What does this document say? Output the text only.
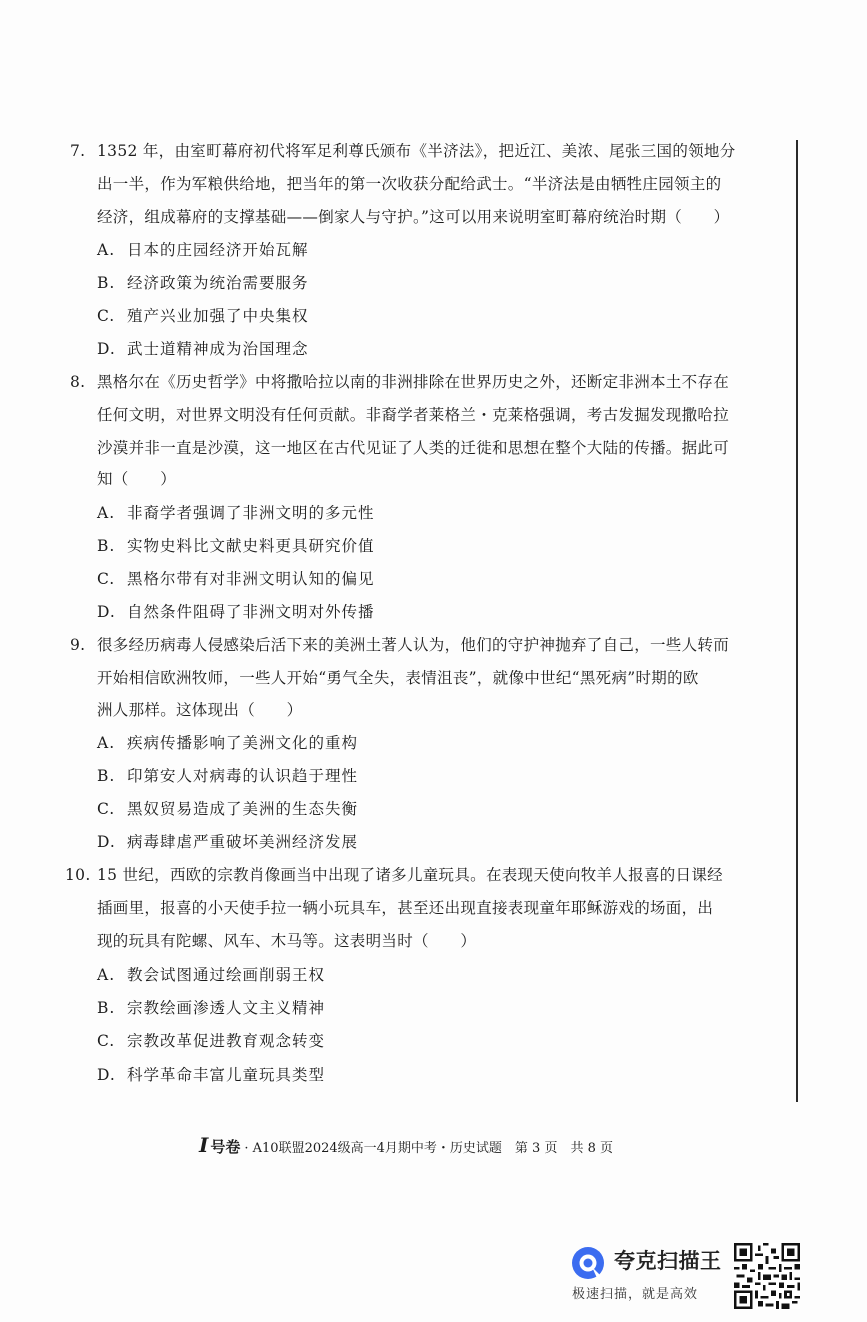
7. 1352 年，由室町幕府初代将军足利尊氏颁布《半济法》，把近江、美浓、尾张三国的领地分
出一半，作为军粮供给地，把当年的第一次收获分配给武士。“半济法是由牺牲庄园领主的
经济，组成幕府的支撑基础——倒家人与守护。”这可以用来说明室町幕府统治时期（　　）
A. 日本的庄园经济开始瓦解
B. 经济政策为统治需要服务
C. 殖产兴业加强了中央集权
D. 武士道精神成为治国理念
8. 黑格尔在《历史哲学》中将撒哈拉以南的非洲排除在世界历史之外，还断定非洲本土不存在
任何文明，对世界文明没有任何贡献。非裔学者莱格兰・克莱格强调，考古发掘发现撒哈拉
沙漠并非一直是沙漠，这一地区在古代见证了人类的迁徙和思想在整个大陆的传播。据此可
知（　　）
A. 非裔学者强调了非洲文明的多元性
B. 实物史料比文献史料更具研究价值
C. 黑格尔带有对非洲文明认知的偏见
D. 自然条件阻碍了非洲文明对外传播
9. 很多经历病毒人侵感染后活下来的美洲土著人认为，他们的守护神抛弃了自己，一些人转而
开始相信欧洲牧师，一些人开始“勇气全失，表情沮丧”，就像中世纪“黑死病”时期的欧
洲人那样。这体现出（　　）
A. 疾病传播影响了美洲文化的重构
B. 印第安人对病毒的认识趋于理性
C. 黑奴贸易造成了美洲的生态失衡
D. 病毒肆虐严重破坏美洲经济发展
10. 15 世纪，西欧的宗教肖像画当中出现了诸多儿童玩具。在表现天使向牧羊人报喜的日课经
插画里，报喜的小天使手拉一辆小玩具车，甚至还出现直接表现童年耶稣游戏的场面，出
现的玩具有陀螺、风车、木马等。这表明当时（　　）
A. 教会试图通过绘画削弱王权
B. 宗教绘画渗透人文主义精神
C. 宗教改革促进教育观念转变
D. 科学革命丰富儿童玩具类型
I 号卷 · A10联盟2024级高一4月期中考・历史试题　第 3 页　共 8 页
夸克扫描王
极速扫描，就是高效
